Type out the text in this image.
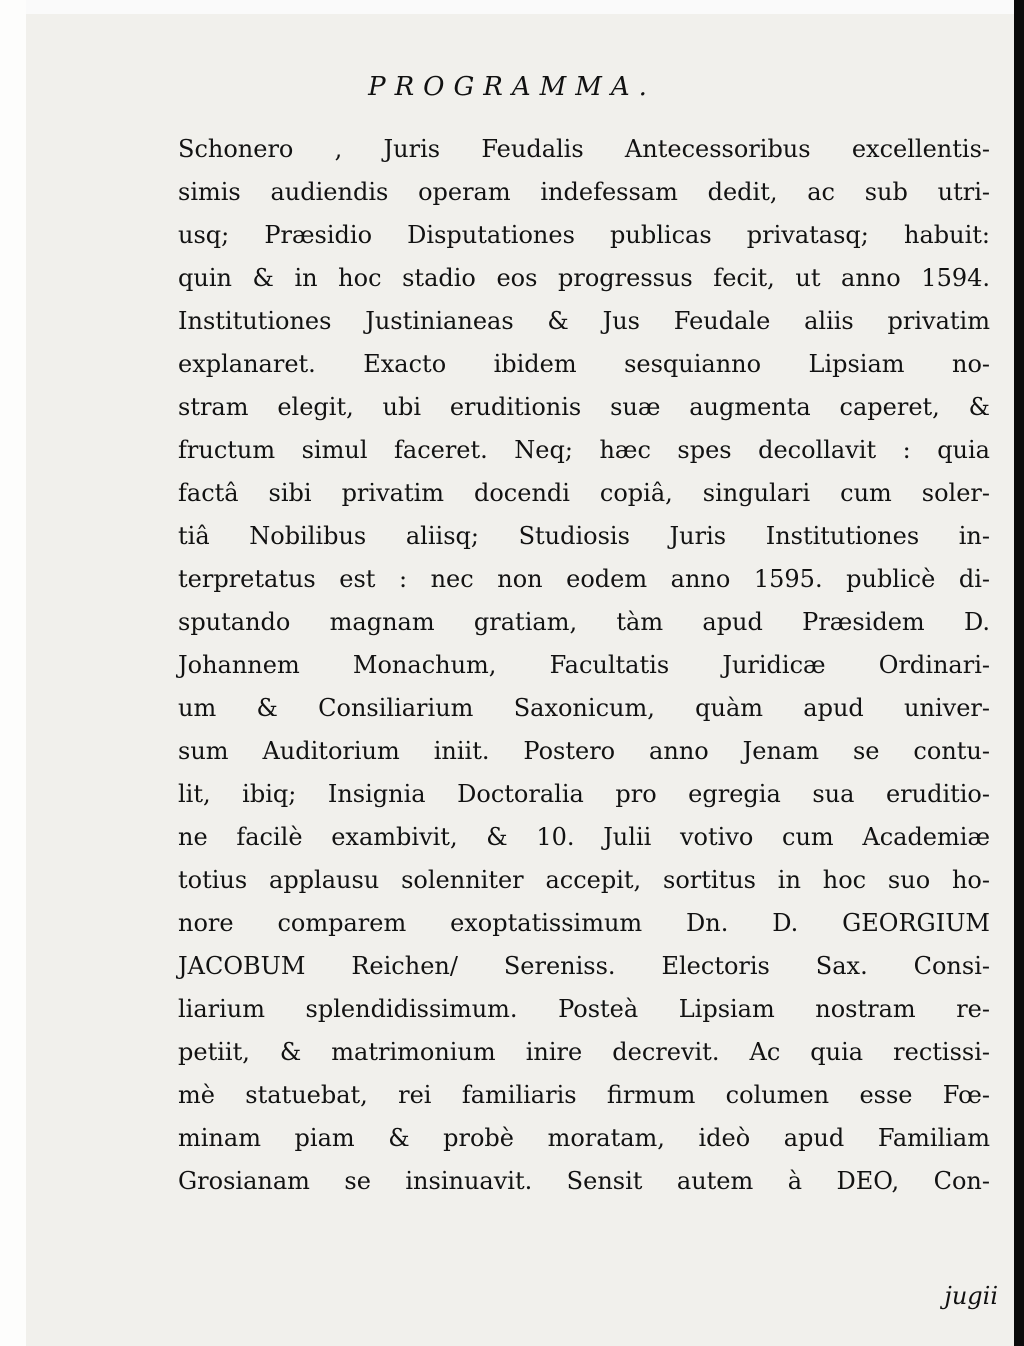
PROGRAMMA.
Schonero , Juris Feudalis Antecessoribus excellentis-
simis audiendis operam indefessam dedit, ac sub utri-
usq; Præsidio Disputationes publicas privatasq; habuit:
quin & in hoc stadio eos progressus fecit, ut anno 1594.
Institutiones Justinianeas & Jus Feudale aliis privatim
explanaret. Exacto ibidem sesquianno Lipsiam no-
stram elegit, ubi eruditionis suæ augmenta caperet, &
fructum simul faceret. Neq; hæc spes decollavit : quia
factâ sibi privatim docendi copiâ, singulari cum soler-
tiâ Nobilibus aliisq; Studiosis Juris Institutiones in-
terpretatus est : nec non eodem anno 1595. publicè di-
sputando magnam gratiam, tàm apud Præsidem D.
Johannem Monachum, Facultatis Juridicæ Ordinari-
um & Consiliarium Saxonicum, quàm apud univer-
sum Auditorium iniit. Postero anno Jenam se contu-
lit, ibiq; Insignia Doctoralia pro egregia sua eruditio-
ne facilè exambivit, & 10. Julii votivo cum Academiæ
totius applausu solenniter accepit, sortitus in hoc suo ho-
nore comparem exoptatissimum Dn. D. GEORGIUM
JACOBUM Reichen/ Sereniss. Electoris Sax. Consi-
liarium splendidissimum. Posteà Lipsiam nostram re-
petiit, & matrimonium inire decrevit. Ac quia rectissi-
mè statuebat, rei familiaris firmum columen esse Fœ-
minam piam & probè moratam, ideò apud Familiam
Grosianam se insinuavit. Sensit autem à DEO, Con-
jugii
